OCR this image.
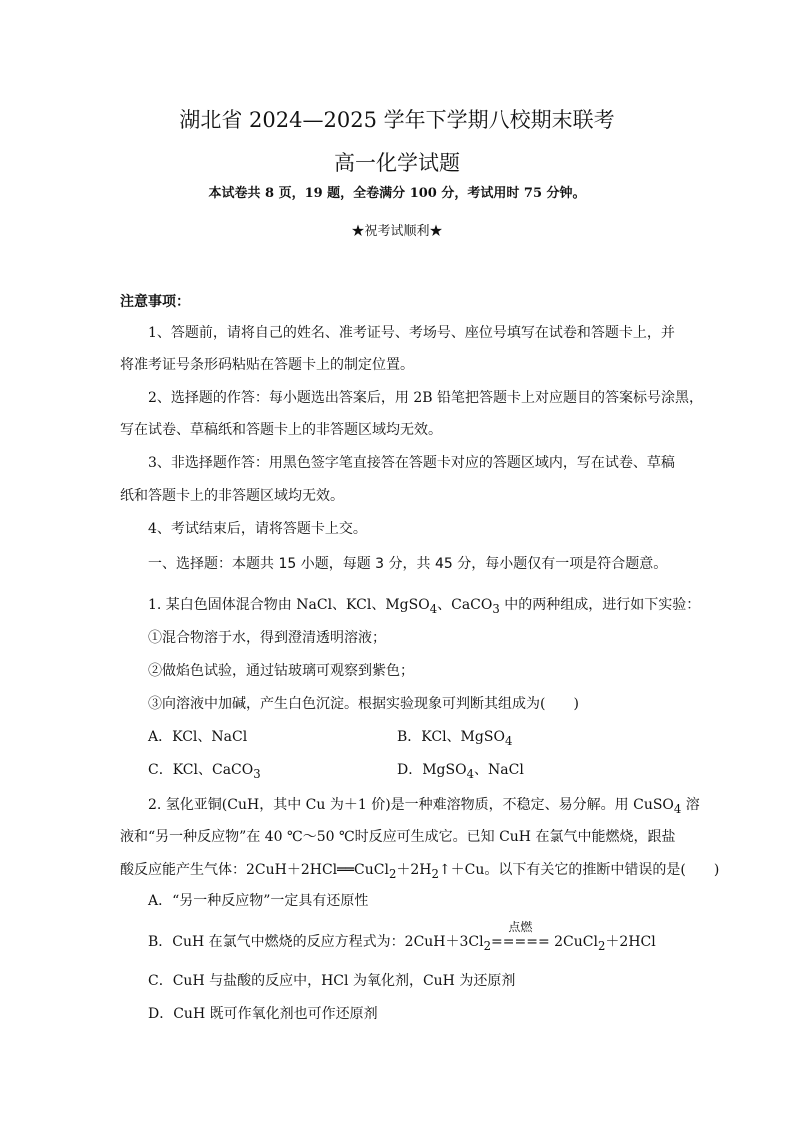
湖北省 2024—2025 学年下学期八校期末联考
高一化学试题
本试卷共 8 页，19 题，全卷满分 100 分，考试用时 75 分钟。
★祝考试顺利★
注意事项：
1、答题前，请将自己的姓名、准考证号、考场号、座位号填写在试卷和答题卡上，并
将准考证号条形码粘贴在答题卡上的制定位置。
2、选择题的作答：每小题选出答案后，用 2B 铅笔把答题卡上对应题目的答案标号涂黑，
写在试卷、草稿纸和答题卡上的非答题区域均无效。
3、非选择题作答：用黑色签字笔直接答在答题卡对应的答题区域内，写在试卷、草稿
纸和答题卡上的非答题区域均无效。
4、考试结束后，请将答题卡上交。
一、选择题：本题共 15 小题，每题 3 分，共 45 分，每小题仅有一项是符合题意。
1. 某白色固体混合物由 NaCl、KCl、MgSO$_4$、CaCO$_3$ 中的两种组成，进行如下实验：
①混合物溶于水，得到澄清透明溶液；
②做焰色试验，通过钴玻璃可观察到紫色；
③向溶液中加碱，产生白色沉淀。根据实验现象可判断其组成为(　　)
A．KCl、NaCl	B．KCl、MgSO$_4$
C．KCl、CaCO$_3$	D．MgSO$_4$、NaCl
2. 氢化亚铜(CuH，其中 Cu 为＋1 价)是一种难溶物质，不稳定、易分解。用 CuSO$_4$ 溶
液和“另一种反应物”在 40 ℃～50 ℃时反应可生成它。已知 CuH 在氯气中能燃烧，跟盐
酸反应能产生气体：$2CuH+2HCl══CuCl_2+2H_2↑+Cu$。以下有关它的推断中错误的是(　　)
A．“另一种反应物”一定具有还原性
B．CuH 在氯气中燃烧的反应方程式为：$2CuH+3Cl_2$
点燃
===== 2CuCl$_2$＋2HCl
C．CuH 与盐酸的反应中，HCl 为氧化剂，CuH 为还原剂
D．CuH 既可作氧化剂也可作还原剂
